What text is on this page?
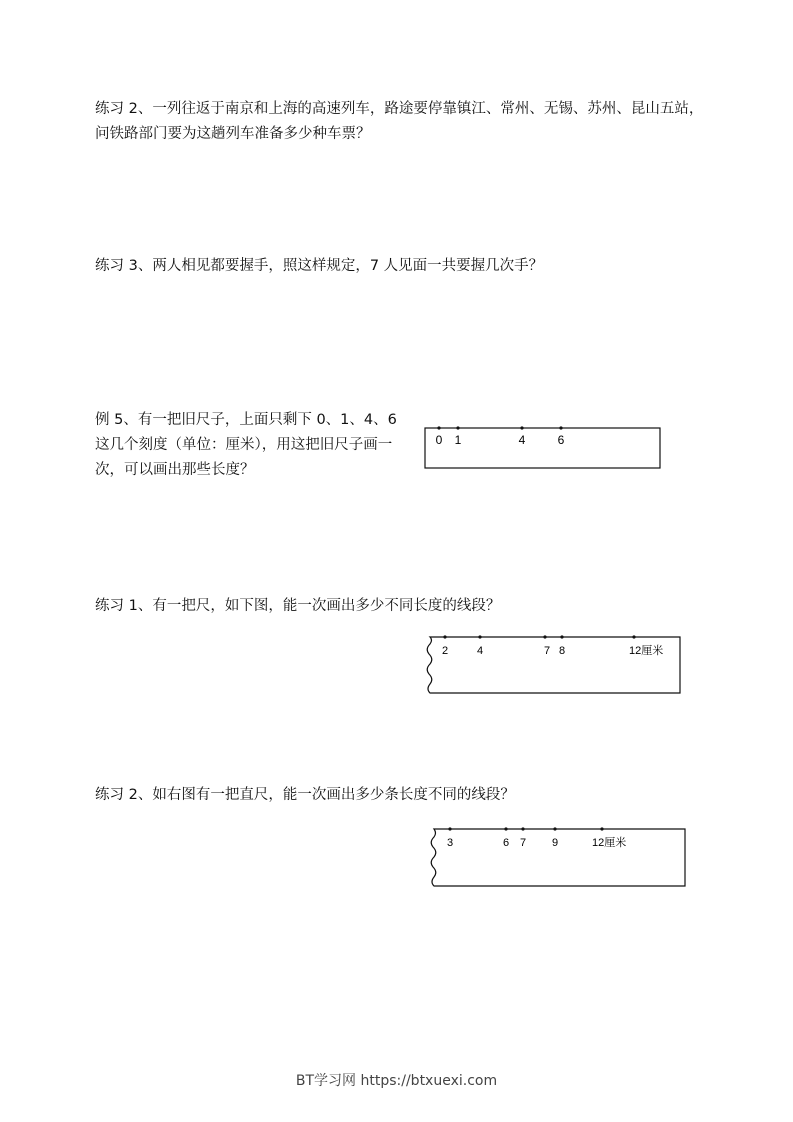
练习 2、一列往返于南京和上海的高速列车，路途要停靠镇江、常州、无锡、苏州、昆山五站，问铁路部门要为这趟列车准备多少种车票？

练习 3、两人相见都要握手，照这样规定，7 人见面一共要握几次手？

例 5、有一把旧尺子，上面只剩下 0、1、4、6 这几个刻度（单位：厘米），用这把旧尺子画一次，可以画出那些长度？

0 1	4	6

练习 1、有一把尺，如下图，能一次画出多少不同长度的线段？

2	4	7 8	12厘米

练习 2、如右图有一把直尺，能一次画出多少条长度不同的线段？

3	6 7 9	12厘米
BT学习网 https://btxuexi.com
